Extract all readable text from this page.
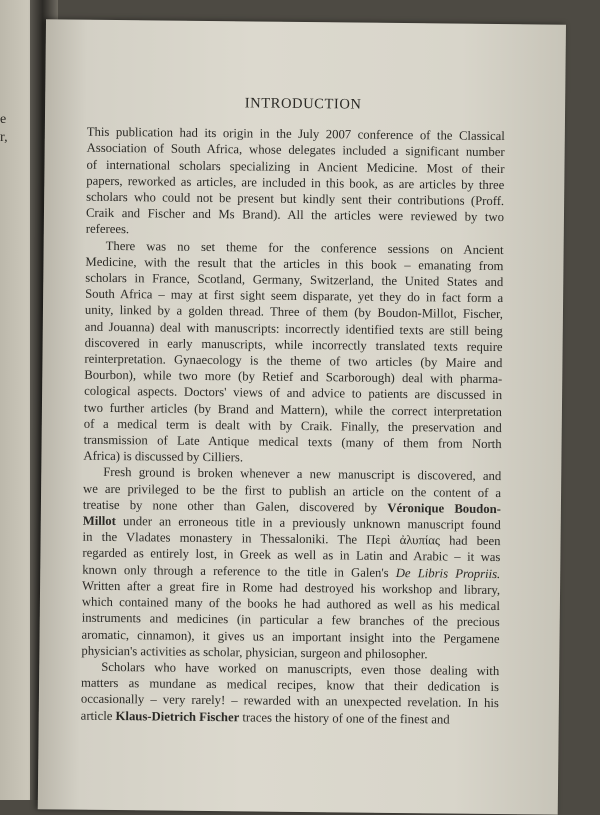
e
r,
INTRODUCTION
This publication had its origin in the July 2007 conference of the Classical
Association of South Africa, whose delegates included a significant number
of international scholars specializing in Ancient Medicine. Most of their
papers, reworked as articles, are included in this book, as are articles by three
scholars who could not be present but kindly sent their contributions (Proff.
Craik and Fischer and Ms Brand). All the articles were reviewed by two
referees.
There was no set theme for the conference sessions on Ancient
Medicine, with the result that the articles in this book – emanating from
scholars in France, Scotland, Germany, Switzerland, the United States and
South Africa – may at first sight seem disparate, yet they do in fact form a
unity, linked by a golden thread. Three of them (by Boudon-Millot, Fischer,
and Jouanna) deal with manuscripts: incorrectly identified texts are still being
discovered in early manuscripts, while incorrectly translated texts require
reinterpretation. Gynaecology is the theme of two articles (by Maire and
Bourbon), while two more (by Retief and Scarborough) deal with pharma-
cological aspects. Doctors' views of and advice to patients are discussed in
two further articles (by Brand and Mattern), while the correct interpretation
of a medical term is dealt with by Craik. Finally, the preservation and
transmission of Late Antique medical texts (many of them from North
Africa) is discussed by Cilliers.
Fresh ground is broken whenever a new manuscript is discovered, and
we are privileged to be the first to publish an article on the content of a
treatise by none other than Galen, discovered by Véronique Boudon-
Millot under an erroneous title in a previously unknown manuscript found
in the Vladates monastery in Thessaloniki. The Περὶ ἀλυπίας had been
regarded as entirely lost, in Greek as well as in Latin and Arabic – it was
known only through a reference to the title in Galen's De Libris Propriis.
Written after a great fire in Rome had destroyed his workshop and library,
which contained many of the books he had authored as well as his medical
instruments and medicines (in particular a few branches of the precious
aromatic, cinnamon), it gives us an important insight into the Pergamene
physician's activities as scholar, physician, surgeon and philosopher.
Scholars who have worked on manuscripts, even those dealing with
matters as mundane as medical recipes, know that their dedication is
occasionally – very rarely! – rewarded with an unexpected revelation. In his
article Klaus-Dietrich Fischer traces the history of one of the finest and
